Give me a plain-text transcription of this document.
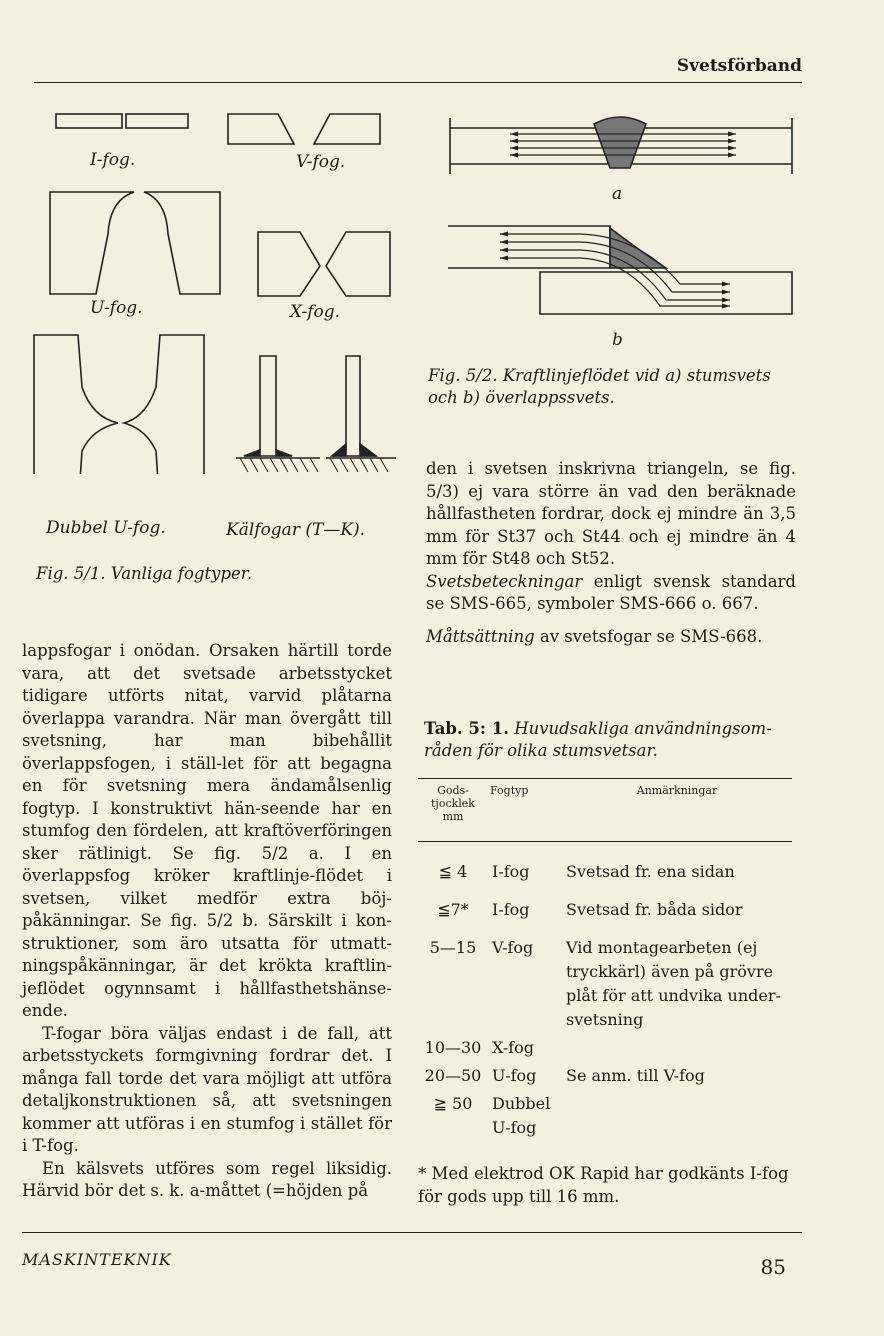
Svetsförband
I-fog.	V-fog.
U-fog.	X-fog.
Dubbel U-fog.	Kälfogar (T—K).
Fig. 5/1. Vanliga fogtyper.
a
b
Fig. 5/2. Kraftlinjeflödet vid a) stumsvets
och b) överlappssvets.

lappsfogar i onödan. Orsaken härtill torde vara, att det svetsade arbetsstycket tidigare utförts nitat, varvid plåtarna överlappa varandra. När man övergått till svetsning, har man bibehållit överlappsfogen, i ställ-let för att begagna en för svetsning mera ändamålsenlig fogtyp. I konstruktivt hän-seende har en stumfog den fördelen, att kraftöverföringen sker rätlinigt. Se fig. 5/2 a. I en överlappsfog kröker kraftlinje-flödet i svetsen, vilket medför extra böj-påkänningar. Se fig. 5/2 b. Särskilt i kon-struktioner, som äro utsatta för utmatt-ningspåkänningar, är det krökta kraftlin-jeflödet ogynnsamt i hållfasthetshänse-ende.

T-fogar böra väljas endast i de fall, att arbetsstyckets formgivning fordrar det. I många fall torde det vara möjligt att utföra detaljkonstruktionen så, att svetsningen kommer att utföras i en stumfog i stället för i T-fog.

En kälsvets utföres som regel liksidig. Härvid bör det s. k. a-måttet (=höjden på

den i svetsen inskrivna triangeln, se fig. 5/3) ej vara större än vad den beräknade hållfastheten fordrar, dock ej mindre än 3,5 mm för St37 och St44 och ej mindre än 4 mm för St48 och St52.

Svetsbeteckningar enligt svensk standard se SMS-665, symboler SMS-666 o. 667.

Måttsättning av svetsfogar se SMS-668.

Tab. 5: 1. Huvudsakliga användningsom-råden för olika stumsvetsar.
Gods-tjocklek mm	Fogtyp	Anmärkningar
≦ 4	I-fog	Svetsad fr. ena sidan
≦7*	I-fog	Svetsad fr. båda sidor
5—15	V-fog	Vid montagearbeten (ej tryckkärl) även på grövre plåt för att undvika under-svetsning
10—30	X-fog	
20—50	U-fog	Se anm. till V-fog
≧ 50	Dubbel U-fog	
* Med elektrod OK Rapid har godkänts I-fog för gods upp till 16 mm.
MASKINTEKNIK	85
